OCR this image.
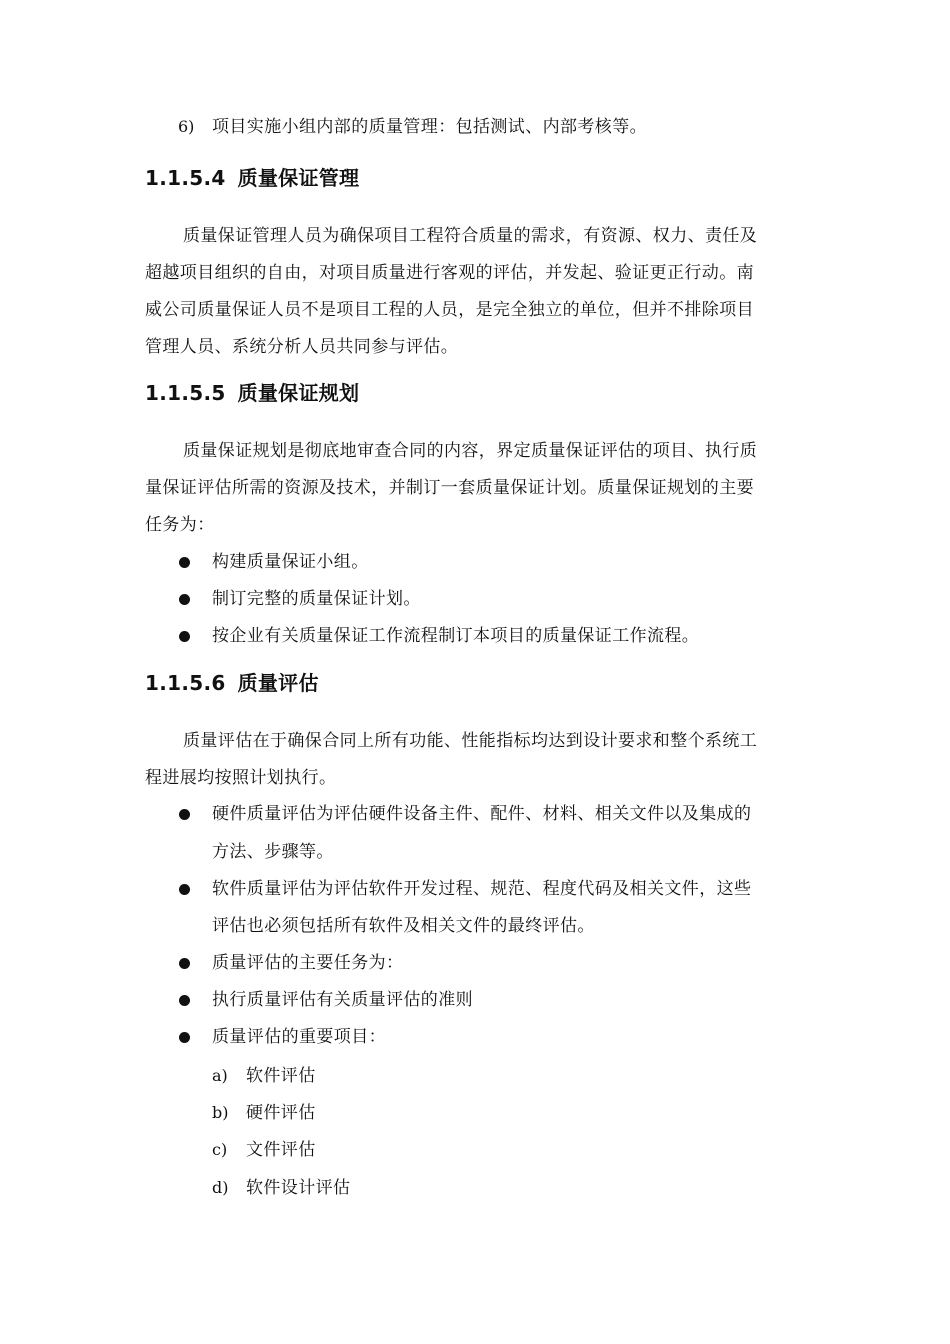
6) 项目实施小组内部的质量管理：包括测试、内部考核等。
1.1.5.4 质量保证管理
质量保证管理人员为确保项目工程符合质量的需求，有资源、权力、责任及
超越项目组织的自由，对项目质量进行客观的评估，并发起、验证更正行动。南
威公司质量保证人员不是项目工程的人员，是完全独立的单位，但并不排除项目
管理人员、系统分析人员共同参与评估。
1.1.5.5 质量保证规划
质量保证规划是彻底地审查合同的内容，界定质量保证评估的项目、执行质
量保证评估所需的资源及技术，并制订一套质量保证计划。质量保证规划的主要
任务为：
构建质量保证小组。
制订完整的质量保证计划。
按企业有关质量保证工作流程制订本项目的质量保证工作流程。
1.1.5.6 质量评估
质量评估在于确保合同上所有功能、性能指标均达到设计要求和整个系统工
程进展均按照计划执行。
硬件质量评估为评估硬件设备主件、配件、材料、相关文件以及集成的
方法、步骤等。
软件质量评估为评估软件开发过程、规范、程度代码及相关文件，这些
评估也必须包括所有软件及相关文件的最终评估。
质量评估的主要任务为：
执行质量评估有关质量评估的准则
质量评估的重要项目：
a) 软件评估
b) 硬件评估
c) 文件评估
d) 软件设计评估
